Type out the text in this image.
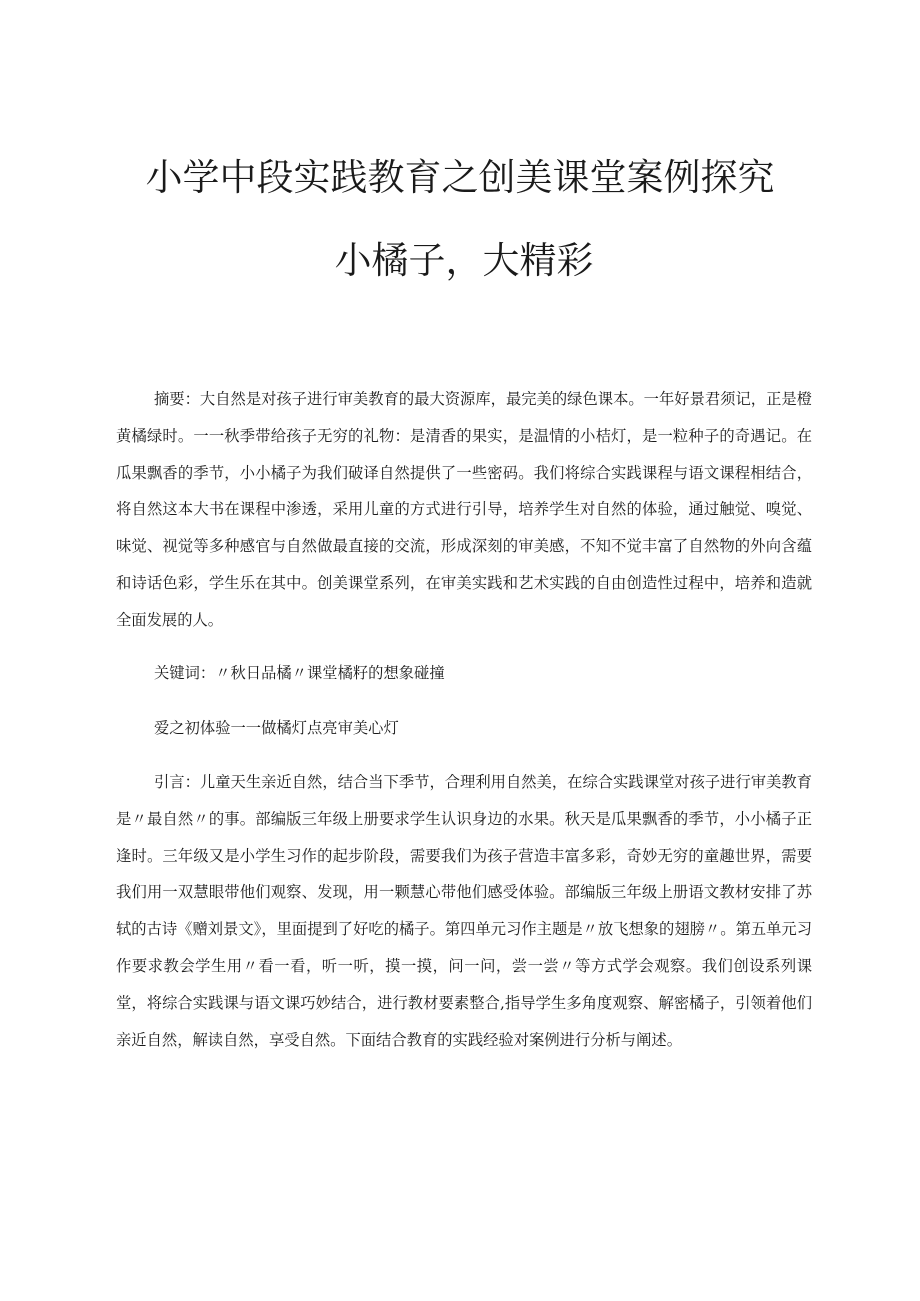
小学中段实践教育之创美课堂案例探究
小橘子，大精彩

摘要：大自然是对孩子进行审美教育的最大资源库，最完美的绿色课本。一年好景君须记，正是橙黄橘绿时。一一秋季带给孩子无穷的礼物：是清香的果实，是温情的小桔灯，是一粒种子的奇遇记。在瓜果飘香的季节，小小橘子为我们破译自然提供了一些密码。我们将综合实践课程与语文课程相结合，将自然这本大书在课程中渗透，采用儿童的方式进行引导，培养学生对自然的体验，通过触觉、嗅觉、味觉、视觉等多种感官与自然做最直接的交流，形成深刻的审美感，不知不觉丰富了自然物的外向含蕴和诗话色彩，学生乐在其中。创美课堂系列，在审美实践和艺术实践的自由创造性过程中，培养和造就全面发展的人。

关键词：〃秋日品橘〃课堂橘籽的想象碰撞

爱之初体验一一做橘灯点亮审美心灯

引言：儿童天生亲近自然，结合当下季节，合理利用自然美，在综合实践课堂对孩子进行审美教育是〃最自然〃的事。部编版三年级上册要求学生认识身边的水果。秋天是瓜果飘香的季节，小小橘子正逢时。三年级又是小学生习作的起步阶段，需要我们为孩子营造丰富多彩，奇妙无穷的童趣世界，需要我们用一双慧眼带他们观察、发现，用一颗慧心带他们感受体验。部编版三年级上册语文教材安排了苏轼的古诗《赠刘景文》，里面提到了好吃的橘子。第四单元习作主题是〃放飞想象的翅膀〃。第五单元习作要求教会学生用〃看一看，听一听，摸一摸，问一问，尝一尝〃等方式学会观察。我们创设系列课堂，将综合实践课与语文课巧妙结合，进行教材要素整合,指导学生多角度观察、解密橘子，引领着他们亲近自然，解读自然，享受自然。下面结合教育的实践经验对案例进行分析与阐述。
